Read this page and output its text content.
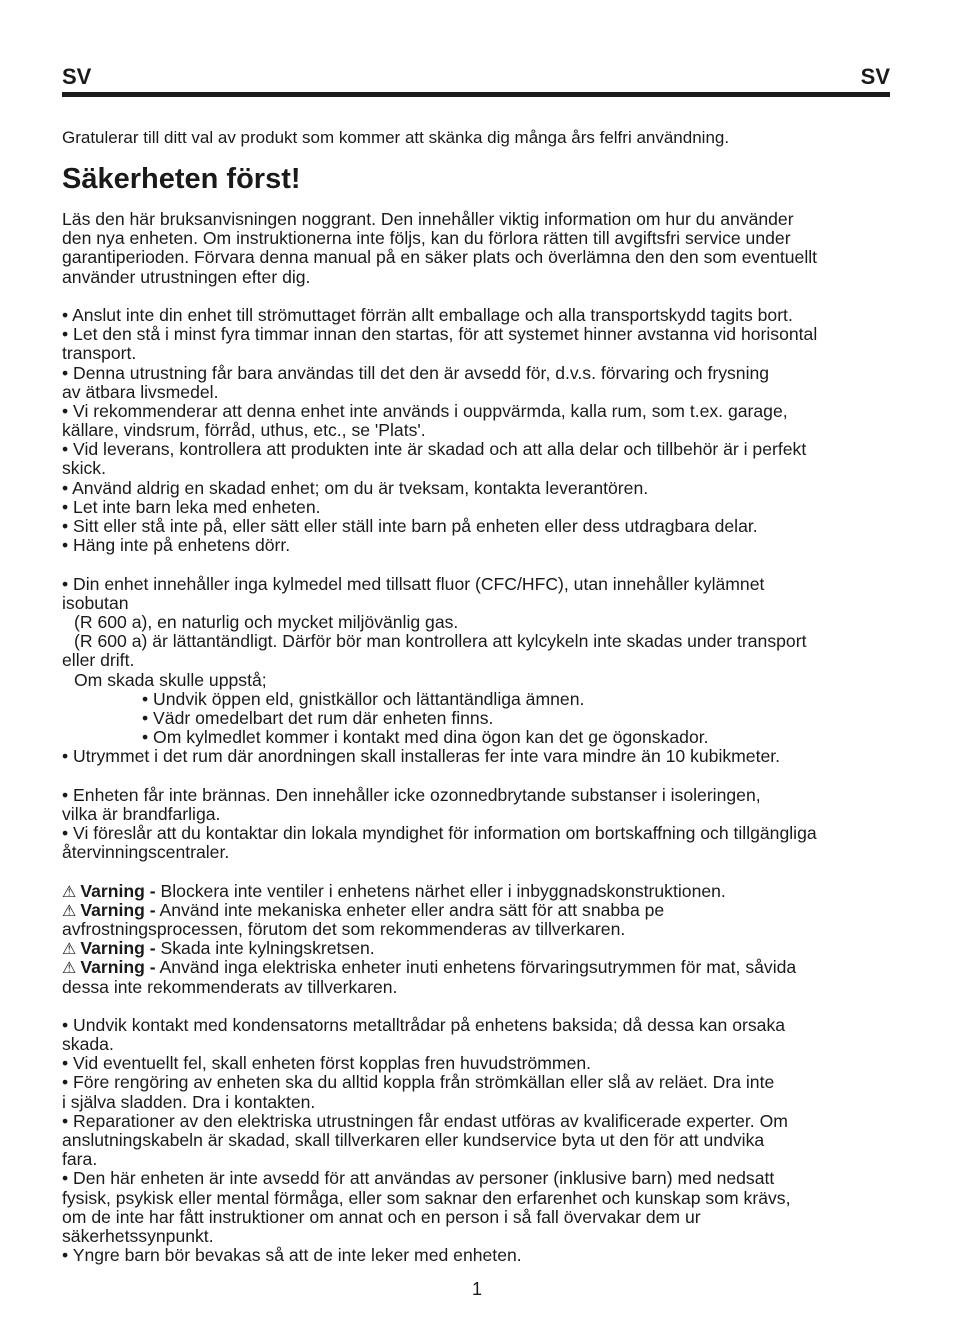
SV	SV
Gratulerar till ditt val av produkt som kommer att skänka dig många års felfri användning.
Säkerheten först!
Läs den här bruksanvisningen noggrant. Den innehåller viktig information om hur du använder
den nya enheten. Om instruktionerna inte följs, kan du förlora rätten till avgiftsfri service under
garantiperioden. Förvara denna manual på en säker plats och överlämna den den som eventuellt
använder utrustningen efter dig.
• Anslut inte din enhet till strömuttaget förrän allt emballage och alla transportskydd tagits bort.
• Let den stå i minst fyra timmar innan den startas, för att systemet hinner avstanna vid horisontal
transport.
• Denna utrustning får bara användas till det den är avsedd för, d.v.s. förvaring och frysning
av ätbara livsmedel.
• Vi rekommenderar att denna enhet inte används i ouppvärmda, kalla rum, som t.ex. garage,
källare, vindsrum, förråd, uthus, etc., se 'Plats'.
• Vid leverans, kontrollera att produkten inte är skadad och att alla delar och tillbehör är i perfekt
skick.
• Använd aldrig en skadad enhet; om du är tveksam, kontakta leverantören.
• Let inte barn leka med enheten.
• Sitt eller stå inte på, eller sätt eller ställ inte barn på enheten eller dess utdragbara delar.
• Häng inte på enhetens dörr.
• Din enhet innehåller inga kylmedel med tillsatt fluor (CFC/HFC), utan innehåller kylämnet
isobutan
(R 600 a), en naturlig och mycket miljövänlig gas.
(R 600 a) är lättantändligt. Därför bör man kontrollera att kylcykeln inte skadas under transport
eller drift.
Om skada skulle uppstå;
• Undvik öppen eld, gnistkällor och lättantändliga ämnen.
• Vädr omedelbart det rum där enheten finns.
• Om kylmedlet kommer i kontakt med dina ögon kan det ge ögonskador.
• Utrymmet i det rum där anordningen skall installeras fer inte vara mindre än 10 kubikmeter.
• Enheten får inte brännas. Den innehåller icke ozonnedbrytande substanser i isoleringen,
vilka är brandfarliga.
• Vi föreslår att du kontaktar din lokala myndighet för information om bortskaffning och tillgängliga
återvinningscentraler.
⚠ Varning - Blockera inte ventiler i enhetens närhet eller i inbyggnadskonstruktionen.
⚠ Varning - Använd inte mekaniska enheter eller andra sätt för att snabba pe
avfrostningsprocessen, förutom det som rekommenderas av tillverkaren.
⚠ Varning - Skada inte kylningskretsen.
⚠ Varning - Använd inga elektriska enheter inuti enhetens förvaringsutrymmen för mat, såvida
dessa inte rekommenderats av tillverkaren.
• Undvik kontakt med kondensatorns metalltrådar på enhetens baksida; då dessa kan orsaka
skada.
• Vid eventuellt fel, skall enheten först kopplas fren huvudströmmen.
• Före rengöring av enheten ska du alltid koppla från strömkällan eller slå av reläet. Dra inte
i själva sladden. Dra i kontakten.
• Reparationer av den elektriska utrustningen får endast utföras av kvalificerade experter. Om
anslutningskabeln är skadad, skall tillverkaren eller kundservice byta ut den för att undvika
fara.
• Den här enheten är inte avsedd för att användas av personer (inklusive barn) med nedsatt
fysisk, psykisk eller mental förmåga, eller som saknar den erfarenhet och kunskap som krävs,
om de inte har fått instruktioner om annat och en person i så fall övervakar dem ur
säkerhetssynpunkt.
• Yngre barn bör bevakas så att de inte leker med enheten.
1
